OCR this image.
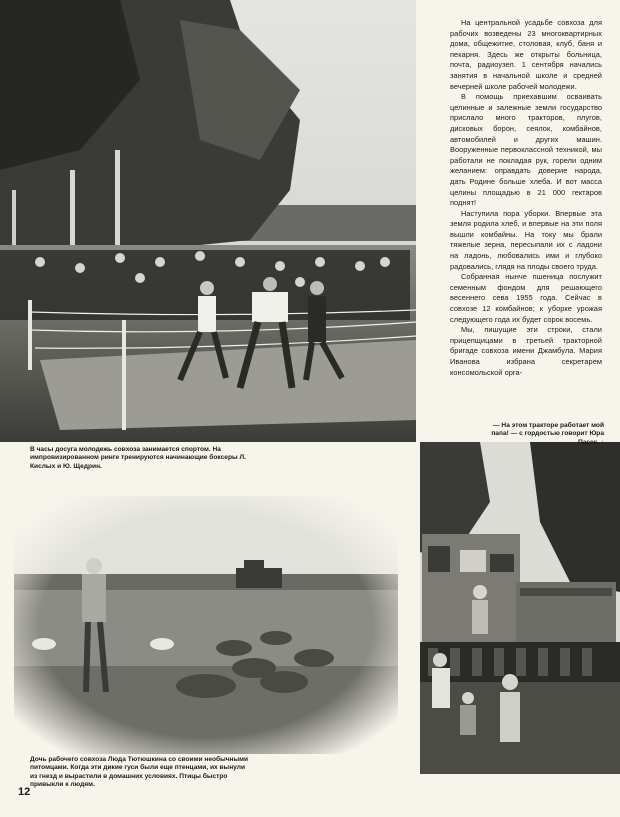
На центральной усадьбе совхоза для рабочих возведены 23 многоквартирных дома, общежитие, столовая, клуб, баня и пекарня. Здесь же открыты больница, почта, радиоузел. 1 сентября начались занятия в начальной школе и средней вечерней школе рабочей молодежи.

В помощь приехавшим осваивать целинные и залежные земли государство прислало много тракторов, плугов, дисковых борон, сеялок, комбайнов, автомобилей и других машин. Вооруженные первоклассной техникой, мы работали не покладая рук, горели одним желанием: оправдать доверие народа, дать Родине больше хлеба. И вот масса целины площадью в 21 000 гектаров поднят!

Наступила пора уборки. Впервые эта земля родила хлеб, и впервые на эти поля вышли комбайны. На току мы брали тяжелые зерна, пересыпали их с ладони на ладонь, любовались ими и глубоко радовались, глядя на плоды своего труда.

Собранная нынче пшеница послужит семенным фондом для решающего весеннего сева 1955 года. Сейчас в совхозе 12 комбайнов; к уборке урожая следующего года их будет сорок восемь.

Мы, пишущие эти строки, стали прицепщицами в третьей тракторной бригаде совхоза имени Джамбула. Мария Иванова избрана секретарем консомольской орга-

В часы досуга молодежь совхоза занимается спортом. На импровизированном ринге тренируются начинающие боксеры Л. Кислых и Ю. Щедрин.
— На этом тракторе работает мой папа! — с гордостью говорит Юра Пасек. ↓
Дочь рабочего совхоза Люда Тютюшкина со своими необычными питомцами. Когда эти дикие гуси были еще птенцами, их вынули из гнезд и вырастили в домашних условиях. Птицы быстро привыкли к людям.
12
